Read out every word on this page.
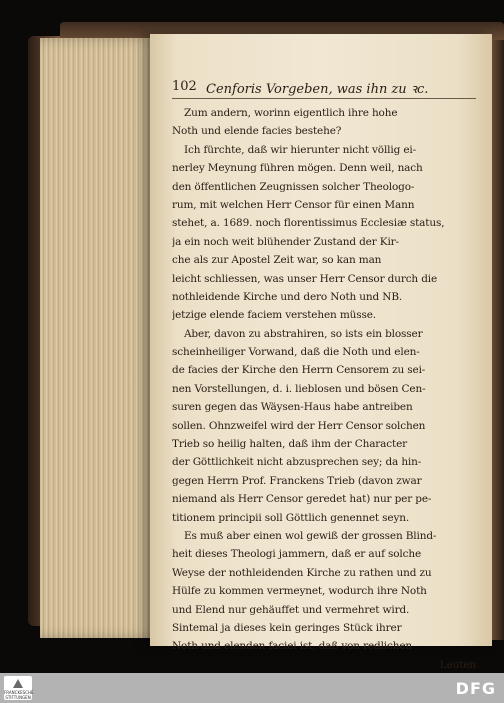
102 Cenforis Vorgeben, was ihn zu ꝛc.
Zum andern, worinn eigentlich ihre hohe
Noth und elende facies bestehe?
Ich fürchte, daß wir hierunter nicht völlig ei-
nerley Meynung führen mögen. Denn weil, nach
den öffentlichen Zeugnissen solcher Theologo-
rum, mit welchen Herr Censor für einen Mann
stehet, a. 1689. noch florentissimus Ecclesiæ status,
ja ein noch weit blühender Zustand der Kir-
che als zur Apostel Zeit war, so kan man
leicht schliessen, was unser Herr Censor durch die
nothleidende Kirche und dero Noth und NB.
jetzige elende faciem verstehen müsse.
Aber, davon zu abstrahiren, so ists ein blosser
scheinheiliger Vorwand, daß die Noth und elen-
de facies der Kirche den Herrn Censorem zu sei-
nen Vorstellungen, d. i. lieblosen und bösen Cen-
suren gegen das Wäysen-Haus habe antreiben
sollen. Ohnzweifel wird der Herr Censor solchen
Trieb so heilig halten, daß ihm der Character
der Göttlichkeit nicht abzusprechen sey; da hin-
gegen Herrn Prof. Franckens Trieb (davon zwar
niemand als Herr Censor geredet hat) nur per pe-
titionem principii soll Göttlich genennet seyn.
Es muß aber einen wol gewiß der grossen Blind-
heit dieses Theologi jammern, daß er auf solche
Weyse der nothleidenden Kirche zu rathen und zu
Hülfe zu kommen vermeynet, wodurch ihre Noth
und Elend nur gehäuffet und vermehret wird.
Sintemal ja dieses kein geringes Stück ihrer
Noth und elenden faciei ist, daß von redlichen
Leuten
FRANCKESCHE STIFTUNGEN	DFG
